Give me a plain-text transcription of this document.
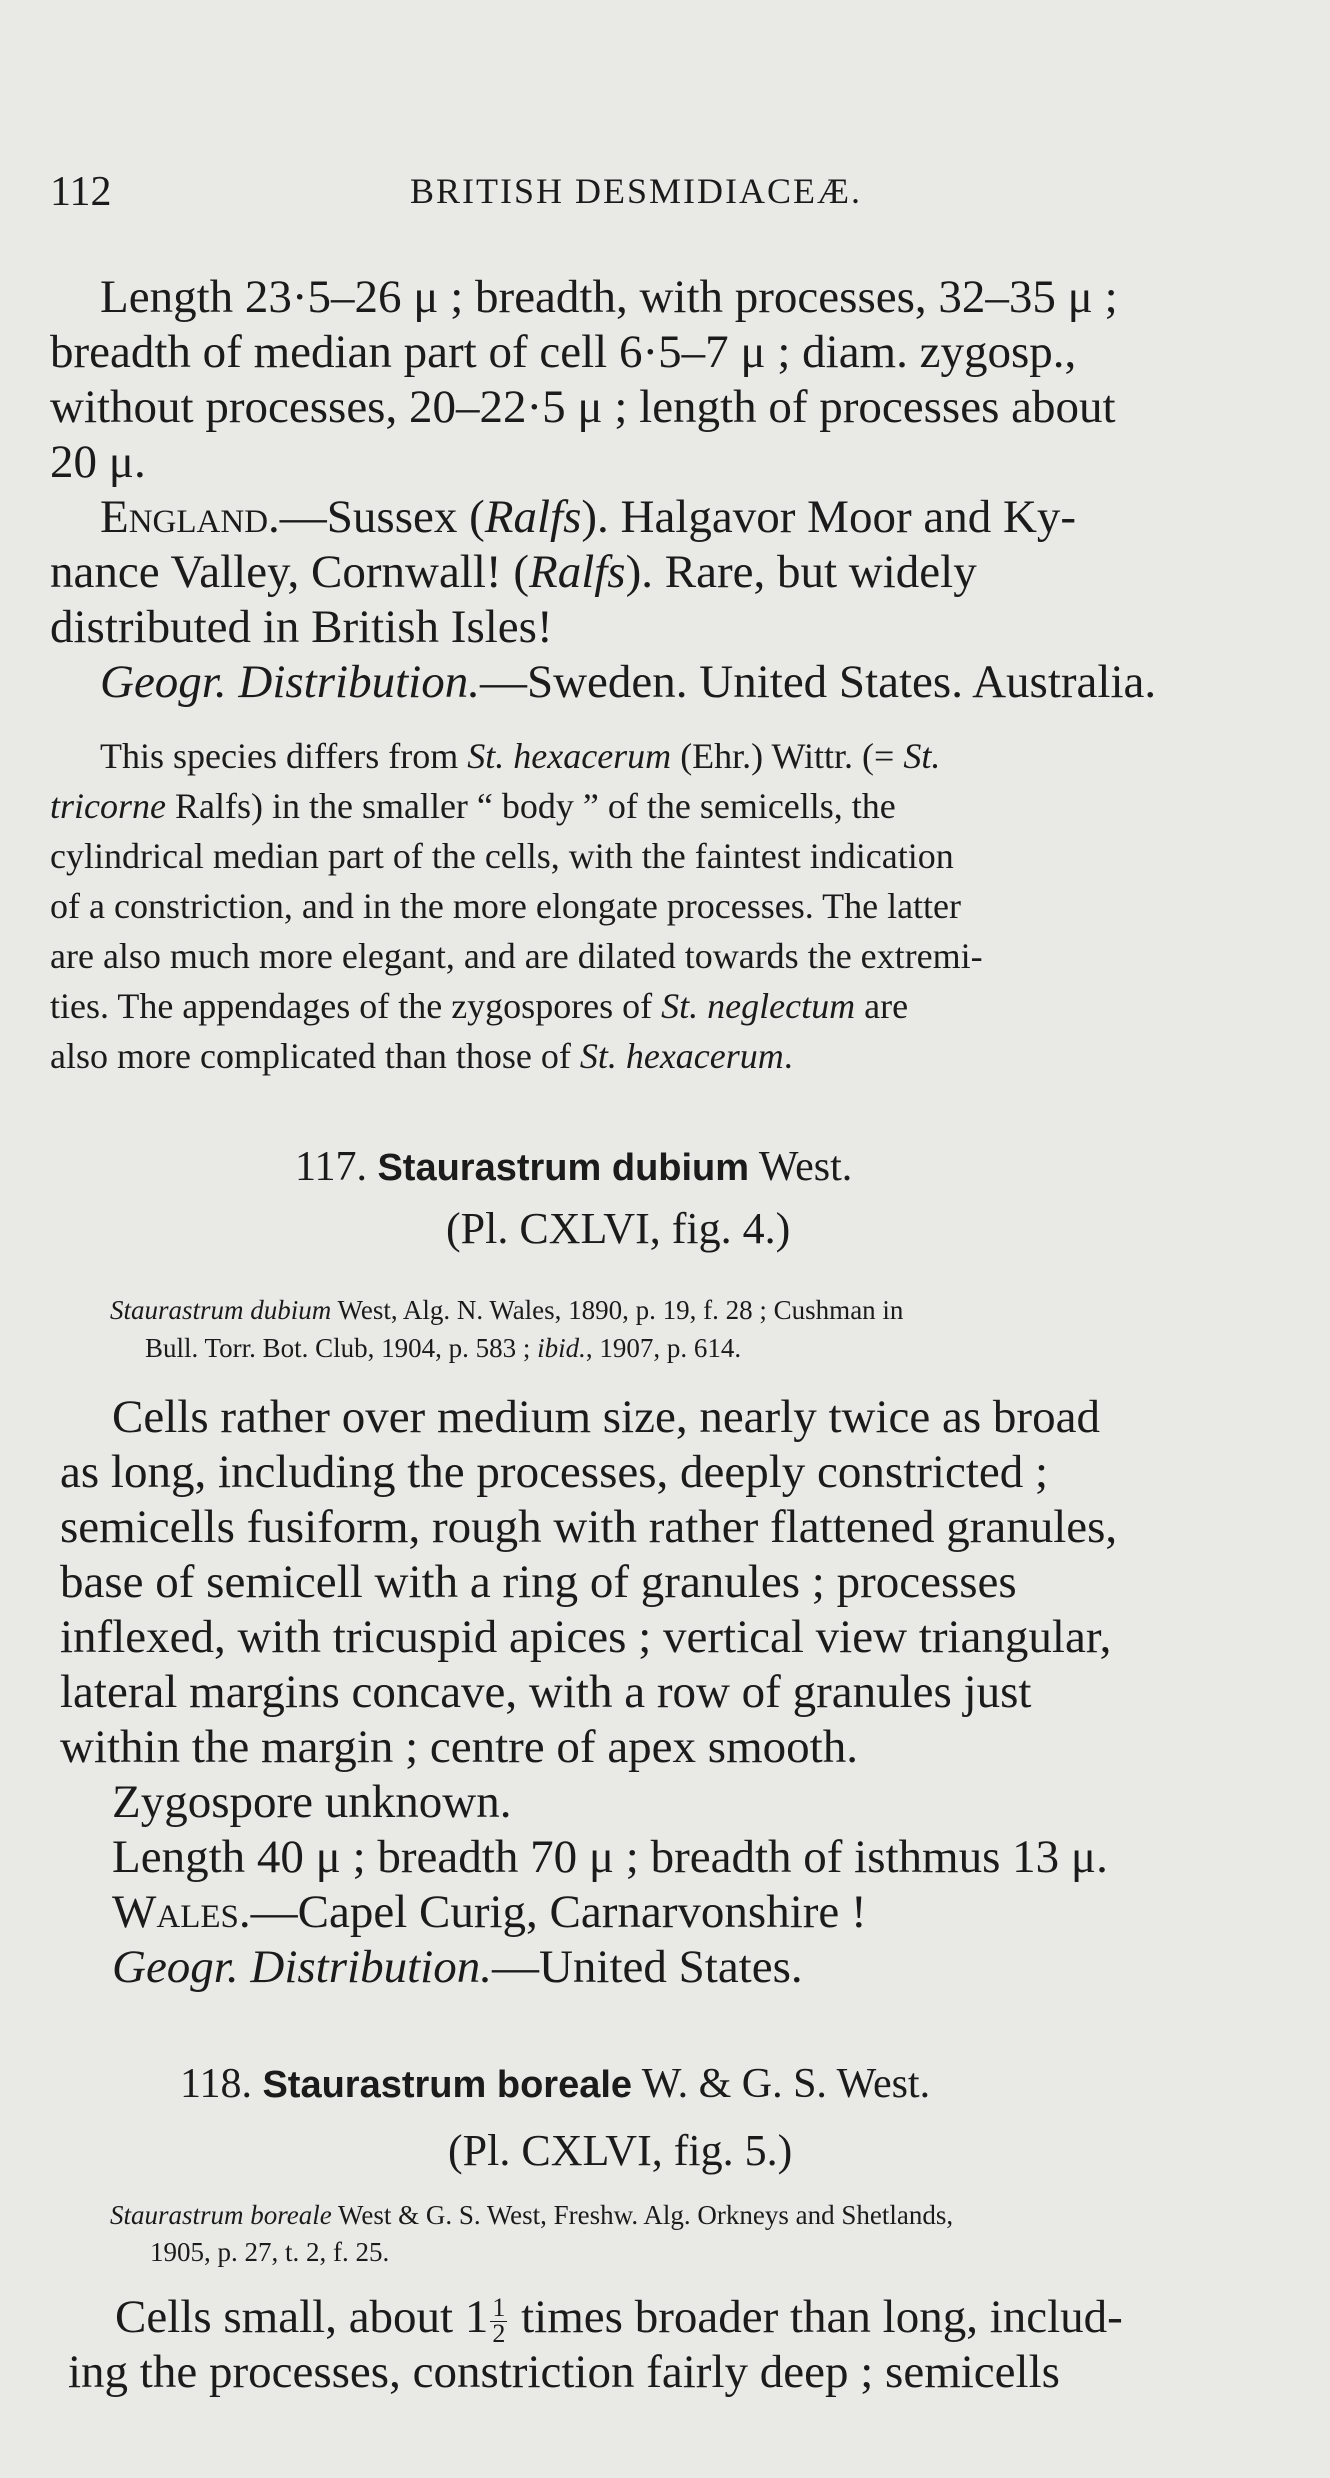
112	BRITISH DESMIDIACEÆ.
Length 23·5–26 μ ; breadth, with processes, 32–35 μ ;
breadth of median part of cell 6·5–7 μ ; diam. zygosp.,
without processes, 20–22·5 μ ; length of processes about
20 μ.
England.—Sussex (Ralfs). Halgavor Moor and Ky-
nance Valley, Cornwall! (Ralfs). Rare, but widely
distributed in British Isles!
Geogr. Distribution.—Sweden. United States. Australia.
This species differs from St. hexacerum (Ehr.) Wittr. (= St.
tricorne Ralfs) in the smaller “ body ” of the semicells, the
cylindrical median part of the cells, with the faintest indication
of a constriction, and in the more elongate processes. The latter
are also much more elegant, and are dilated towards the extremi-
ties. The appendages of the zygospores of St. neglectum are
also more complicated than those of St. hexacerum.
117. Staurastrum dubium West.
(Pl. CXLVI, fig. 4.)
Staurastrum dubium West, Alg. N. Wales, 1890, p. 19, f. 28 ; Cushman in
Bull. Torr. Bot. Club, 1904, p. 583 ; ibid., 1907, p. 614.
Cells rather over medium size, nearly twice as broad
as long, including the processes, deeply constricted ;
semicells fusiform, rough with rather flattened granules,
base of semicell with a ring of granules ; processes
inflexed, with tricuspid apices ; vertical view triangular,
lateral margins concave, with a row of granules just
within the margin ; centre of apex smooth.
Zygospore unknown.
Length 40 μ ; breadth 70 μ ; breadth of isthmus 13 μ.
Wales.—Capel Curig, Carnarvonshire !
Geogr. Distribution.—United States.
118. Staurastrum boreale W. & G. S. West.
(Pl. CXLVI, fig. 5.)
Staurastrum boreale West & G. S. West, Freshw. Alg. Orkneys and Shetlands,
1905, p. 27, t. 2, f. 25.
Cells small, about $1 \frac{1}{2}$ times broader than long, includ-
ing the processes, constriction fairly deep ; semicells
